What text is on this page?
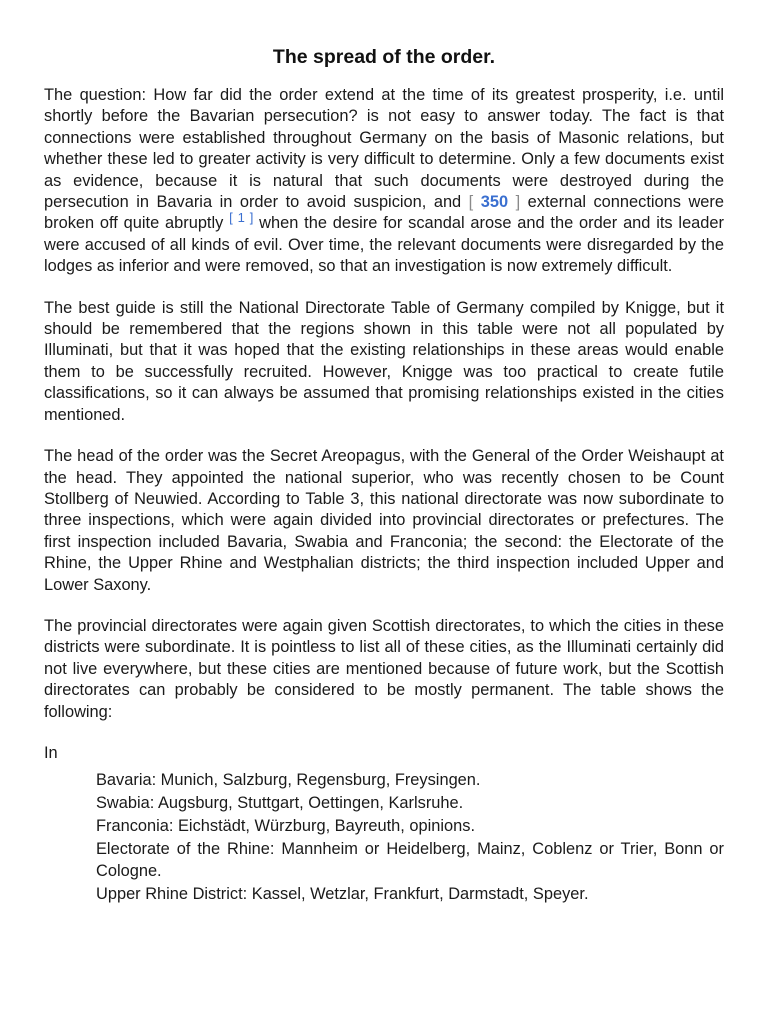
The spread of the order.

The question: How far did the order extend at the time of its greatest prosperity, i.e. until shortly before the Bavarian persecution? is not easy to answer today. The fact is that connections were established throughout Germany on the basis of Masonic relations, but whether these led to greater activity is very difficult to determine. Only a few documents exist as evidence, because it is natural that such documents were destroyed during the persecution in Bavaria in order to avoid suspicion, and [ 350 ] external connections were broken off quite abruptly [ 1 ] when the desire for scandal arose and the order and its leader were accused of all kinds of evil. Over time, the relevant documents were disregarded by the lodges as inferior and were removed, so that an investigation is now extremely difficult.

The best guide is still the National Directorate Table of Germany compiled by Knigge, but it should be remembered that the regions shown in this table were not all populated by Illuminati, but that it was hoped that the existing relationships in these areas would enable them to be successfully recruited. However, Knigge was too practical to create futile classifications, so it can always be assumed that promising relationships existed in the cities mentioned.

The head of the order was the Secret Areopagus, with the General of the Order Weishaupt at the head. They appointed the national superior, who was recently chosen to be Count Stollberg of Neuwied. According to Table 3, this national directorate was now subordinate to three inspections, which were again divided into provincial directorates or prefectures. The first inspection included Bavaria, Swabia and Franconia; the second: the Electorate of the Rhine, the Upper Rhine and Westphalian districts; the third inspection included Upper and Lower Saxony.

The provincial directorates were again given Scottish directorates, to which the cities in these districts were subordinate. It is pointless to list all of these cities, as the Illuminati certainly did not live everywhere, but these cities are mentioned because of future work, but the Scottish directorates can probably be considered to be mostly permanent. The table shows the following:

In

Bavaria: Munich, Salzburg, Regensburg, Freysingen.
Swabia: Augsburg, Stuttgart, Oettingen, Karlsruhe.
Franconia: Eichstädt, Würzburg, Bayreuth, opinions.
Electorate of the Rhine: Mannheim or Heidelberg, Mainz, Coblenz or Trier, Bonn or Cologne.
Upper Rhine District: Kassel, Wetzlar, Frankfurt, Darmstadt, Speyer.
